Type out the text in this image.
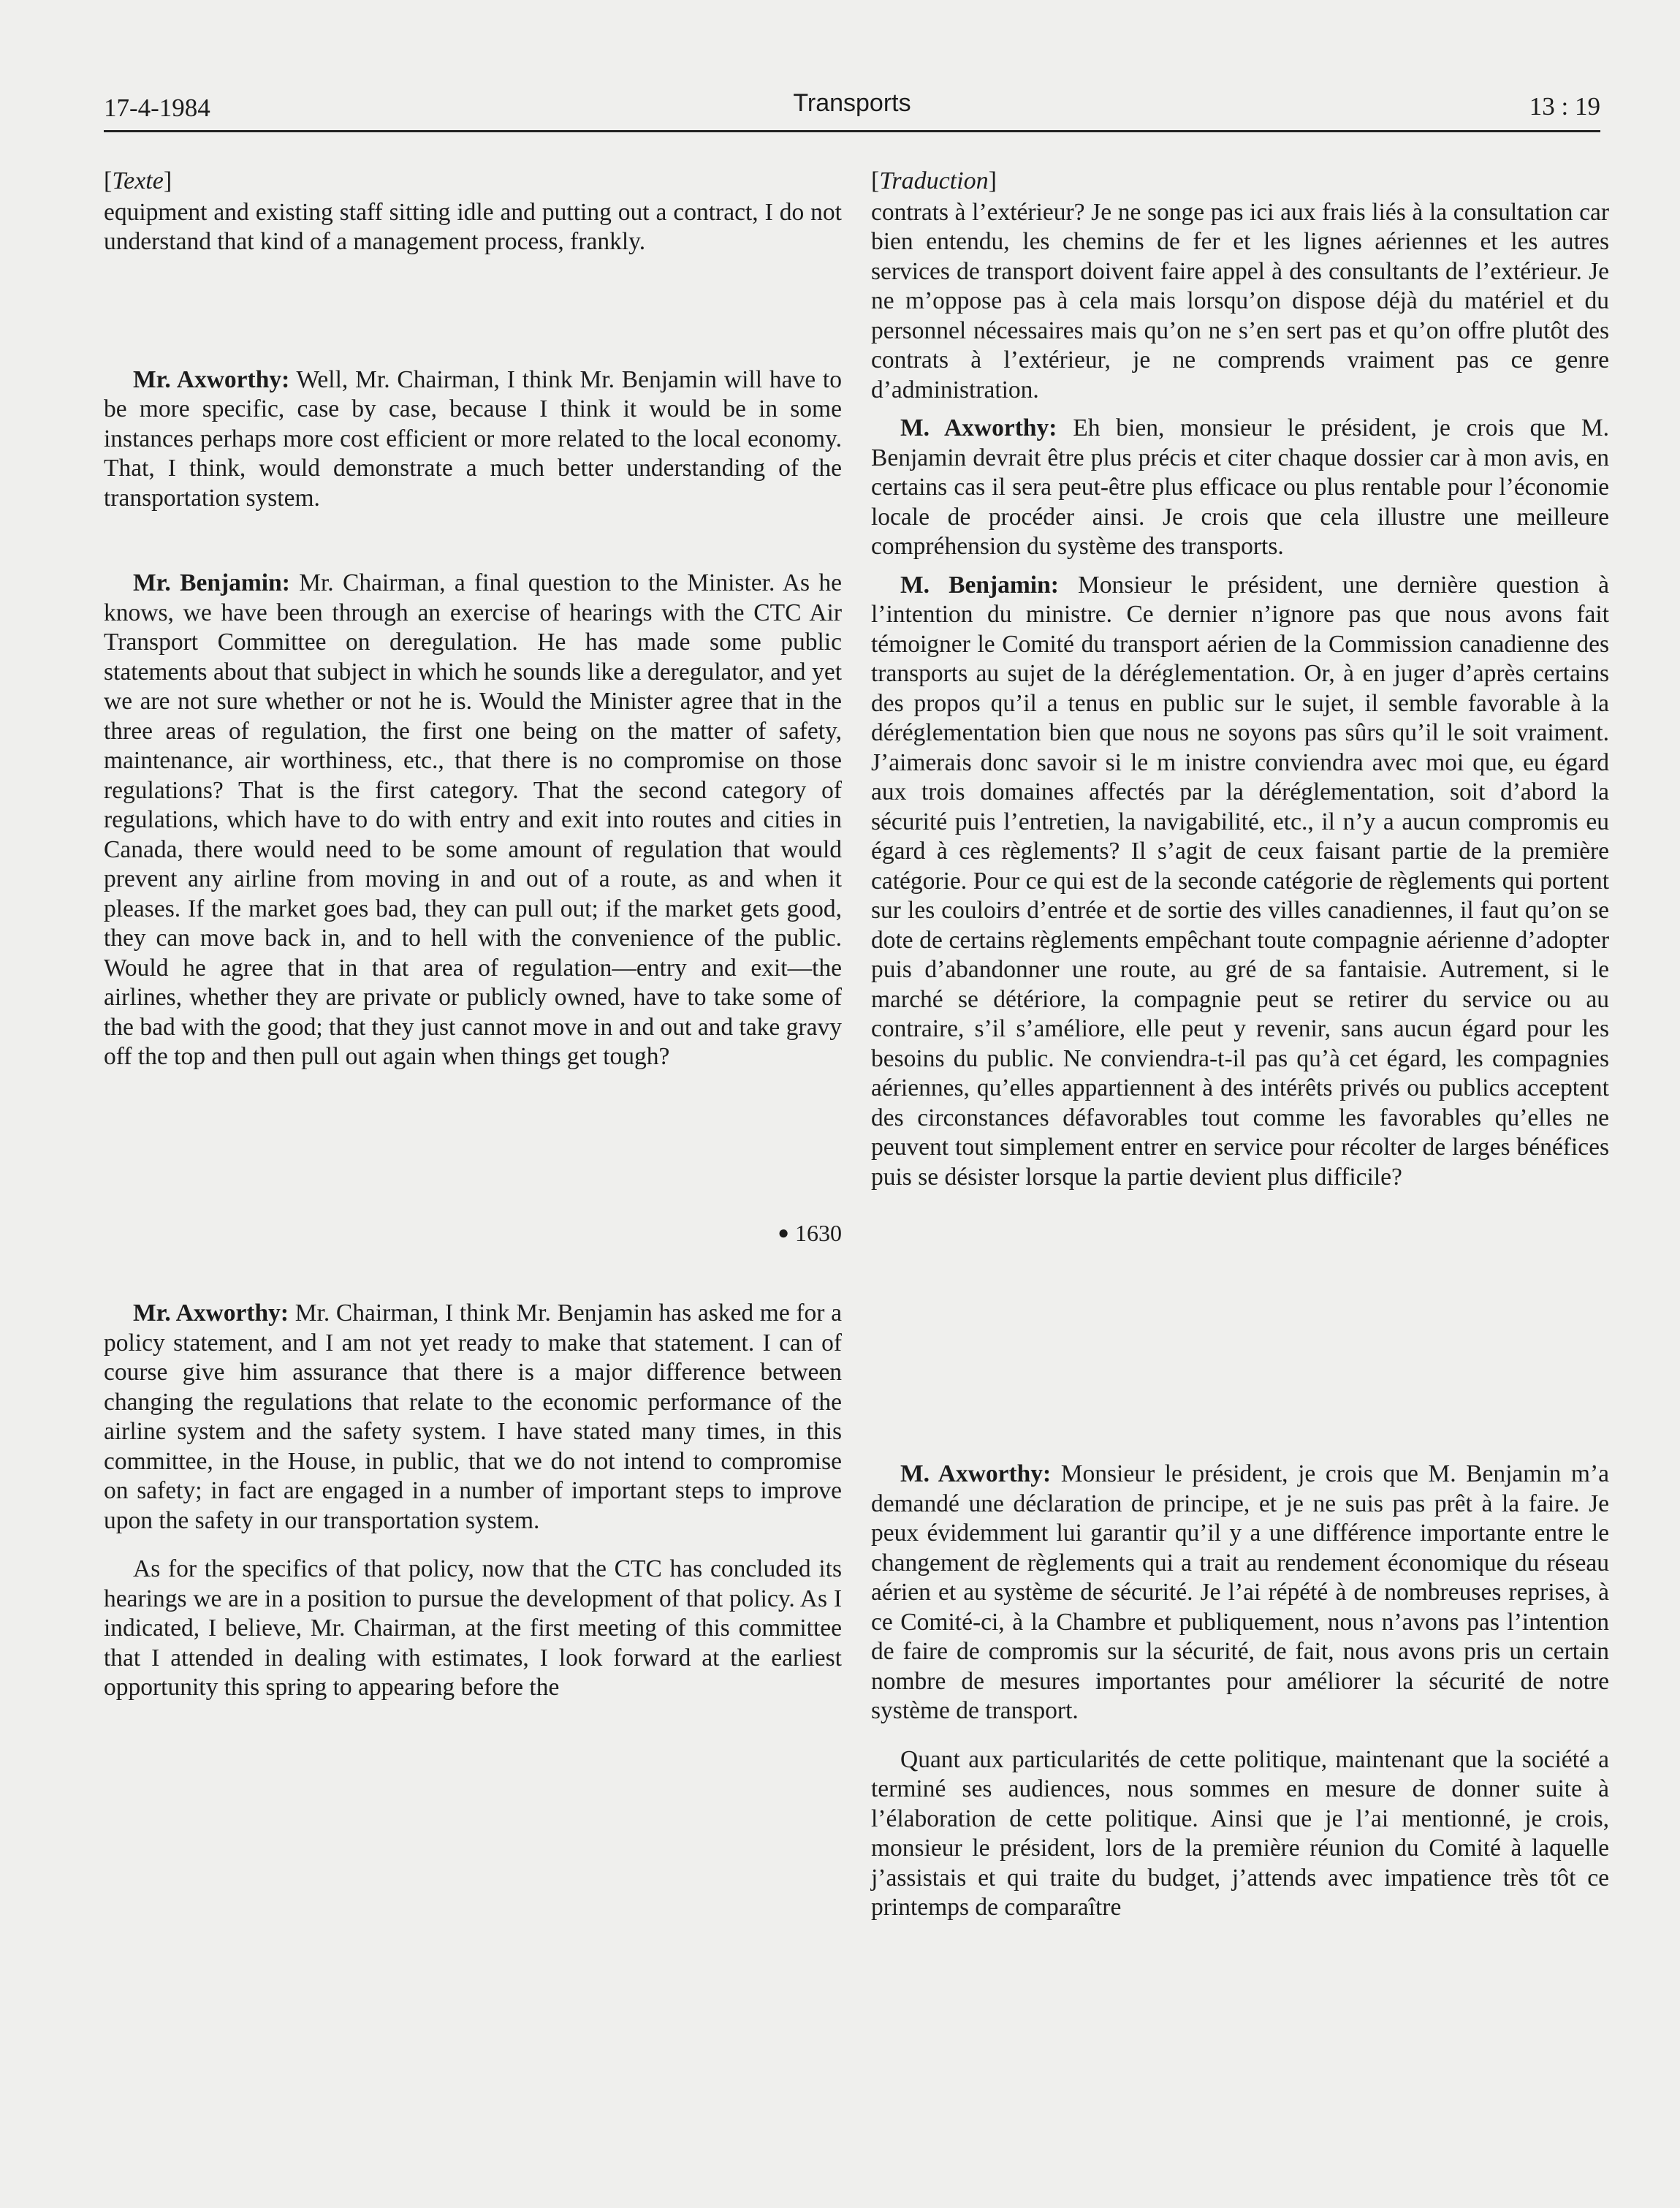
17-4-1984	Transports	13 : 19
[Texte]

equipment and existing staff sitting idle and putting out a contract, I do not understand that kind of a management process, frankly.

Mr. Axworthy: Well, Mr. Chairman, I think Mr. Benjamin will have to be more specific, case by case, because I think it would be in some instances perhaps more cost efficient or more related to the local economy. That, I think, would demonstrate a much better understanding of the transportation system.

Mr. Benjamin: Mr. Chairman, a final question to the Minister. As he knows, we have been through an exercise of hearings with the CTC Air Transport Committee on deregulation. He has made some public statements about that subject in which he sounds like a deregulator, and yet we are not sure whether or not he is. Would the Minister agree that in the three areas of regulation, the first one being on the matter of safety, maintenance, air worthiness, etc., that there is no compromise on those regulations? That is the first category. That the second category of regulations, which have to do with entry and exit into routes and cities in Canada, there would need to be some amount of regulation that would prevent any airline from moving in and out of a route, as and when it pleases. If the market goes bad, they can pull out; if the market gets good, they can move back in, and to hell with the convenience of the public. Would he agree that in that area of regulation—entry and exit—the airlines, whether they are private or publicly owned, have to take some of the bad with the good; that they just cannot move in and out and take gravy off the top and then pull out again when things get tough?

● 1630

Mr. Axworthy: Mr. Chairman, I think Mr. Benjamin has asked me for a policy statement, and I am not yet ready to make that statement. I can of course give him assurance that there is a major difference between changing the regulations that relate to the economic performance of the airline system and the safety system. I have stated many times, in this committee, in the House, in public, that we do not intend to compromise on safety; in fact are engaged in a number of important steps to improve upon the safety in our transportation system.

As for the specifics of that policy, now that the CTC has concluded its hearings we are in a position to pursue the development of that policy. As I indicated, I believe, Mr. Chairman, at the first meeting of this committee that I attended in dealing with estimates, I look forward at the earliest opportunity this spring to appearing before the

[Traduction]

contrats à l’extérieur? Je ne songe pas ici aux frais liés à la consultation car bien entendu, les chemins de fer et les lignes aériennes et les autres services de transport doivent faire appel à des consultants de l’extérieur. Je ne m’oppose pas à cela mais lorsqu’on dispose déjà du matériel et du personnel nécessaires mais qu’on ne s’en sert pas et qu’on offre plutôt des contrats à l’extérieur, je ne comprends vraiment pas ce genre d’administration.

M. Axworthy: Eh bien, monsieur le président, je crois que M. Benjamin devrait être plus précis et citer chaque dossier car à mon avis, en certains cas il sera peut-être plus efficace ou plus rentable pour l’économie locale de procéder ainsi. Je crois que cela illustre une meilleure compréhension du système des transports.

M. Benjamin: Monsieur le président, une dernière question à l’intention du ministre. Ce dernier n’ignore pas que nous avons fait témoigner le Comité du transport aérien de la Commission canadienne des transports au sujet de la déréglementation. Or, à en juger d’après certains des propos qu’il a tenus en public sur le sujet, il semble favorable à la déréglementation bien que nous ne soyons pas sûrs qu’il le soit vraiment. J’aimerais donc savoir si le m inistre conviendra avec moi que, eu égard aux trois domaines affectés par la déréglementation, soit d’abord la sécurité puis l’entretien, la navigabilité, etc., il n’y a aucun compromis eu égard à ces règlements? Il s’agit de ceux faisant partie de la première catégorie. Pour ce qui est de la seconde catégorie de règlements qui portent sur les couloirs d’entrée et de sortie des villes canadiennes, il faut qu’on se dote de certains règlements empêchant toute compagnie aérienne d’adopter puis d’abandonner une route, au gré de sa fantaisie. Autrement, si le marché se détériore, la compagnie peut se retirer du service ou au contraire, s’il s’améliore, elle peut y revenir, sans aucun égard pour les besoins du public. Ne conviendra-t-il pas qu’à cet égard, les compagnies aériennes, qu’elles appartiennent à des intérêts privés ou publics acceptent des circonstances défavorables tout comme les favorables qu’elles ne peuvent tout simplement entrer en service pour récolter de larges bénéfices puis se désister lorsque la partie devient plus difficile?

M. Axworthy: Monsieur le président, je crois que M. Benjamin m’a demandé une déclaration de principe, et je ne suis pas prêt à la faire. Je peux évidemment lui garantir qu’il y a une différence importante entre le changement de règlements qui a trait au rendement économique du réseau aérien et au système de sécurité. Je l’ai répété à de nombreuses reprises, à ce Comité-ci, à la Chambre et publiquement, nous n’avons pas l’intention de faire de compromis sur la sécurité, de fait, nous avons pris un certain nombre de mesures importantes pour améliorer la sécurité de notre système de transport.

Quant aux particularités de cette politique, maintenant que la société a terminé ses audiences, nous sommes en mesure de donner suite à l’élaboration de cette politique. Ainsi que je l’ai mentionné, je crois, monsieur le président, lors de la première réunion du Comité à laquelle j’assistais et qui traite du budget, j’attends avec impatience très tôt ce printemps de comparaître
